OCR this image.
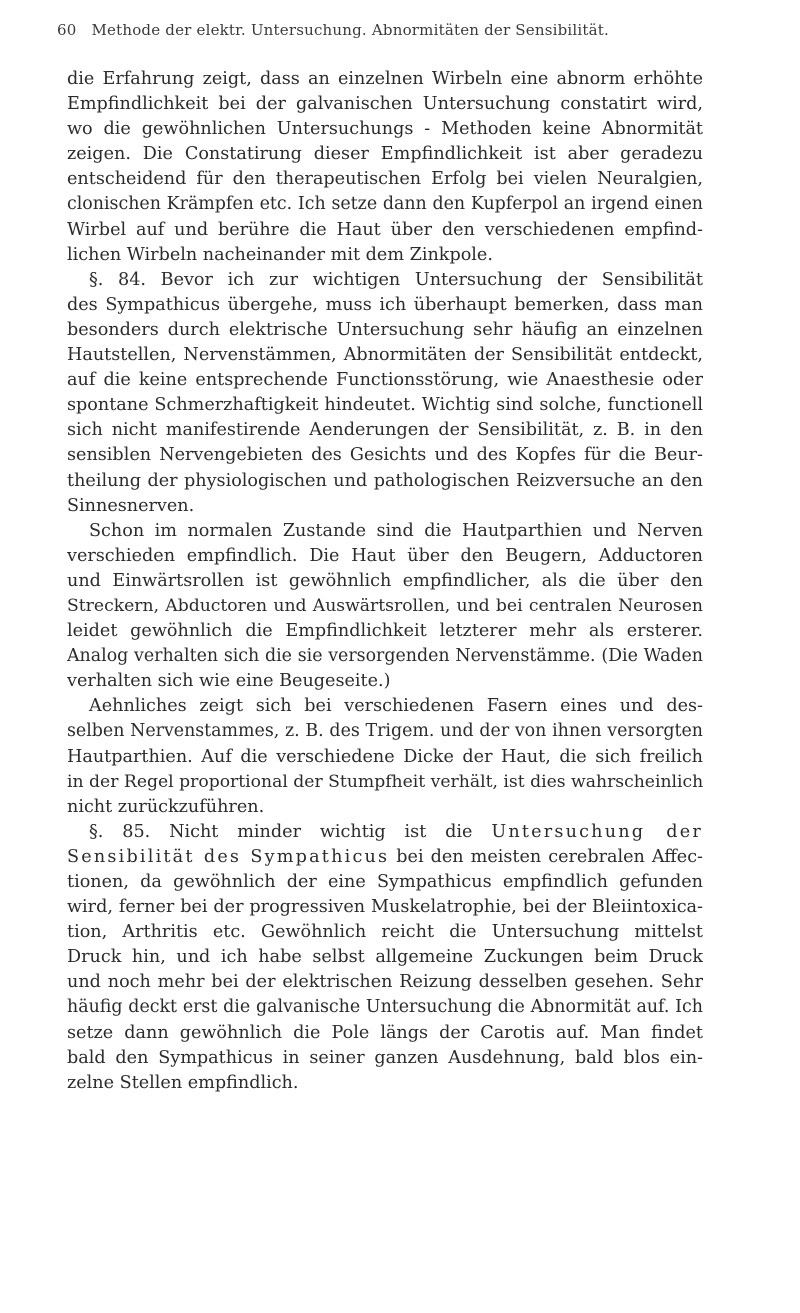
60 Methode der elektr. Untersuchung. Abnormitäten der Sensibilität.
die Erfahrung zeigt, dass an einzelnen Wirbeln eine abnorm erhöhte
Empfindlichkeit bei der galvanischen Untersuchung constatirt wird,
wo die gewöhnlichen Untersuchungs - Methoden keine Abnormität
zeigen. Die Constatirung dieser Empfindlichkeit ist aber geradezu
entscheidend für den therapeutischen Erfolg bei vielen Neuralgien,
clonischen Krämpfen etc. Ich setze dann den Kupferpol an irgend einen
Wirbel auf und berühre die Haut über den verschiedenen empfind-
lichen Wirbeln nacheinander mit dem Zinkpole.
§. 84. Bevor ich zur wichtigen Untersuchung der Sensibilität
des Sympathicus übergehe, muss ich überhaupt bemerken, dass man
besonders durch elektrische Untersuchung sehr häufig an einzelnen
Hautstellen, Nervenstämmen, Abnormitäten der Sensibilität entdeckt,
auf die keine entsprechende Functionsstörung, wie Anaesthesie oder
spontane Schmerzhaftigkeit hindeutet. Wichtig sind solche, functionell
sich nicht manifestirende Aenderungen der Sensibilität, z. B. in den
sensiblen Nervengebieten des Gesichts und des Kopfes für die Beur-
theilung der physiologischen und pathologischen Reizversuche an den
Sinnesnerven.
Schon im normalen Zustande sind die Hautparthien und Nerven
verschieden empfindlich. Die Haut über den Beugern, Adductoren
und Einwärtsrollen ist gewöhnlich empfindlicher, als die über den
Streckern, Abductoren und Auswärtsrollen, und bei centralen Neurosen
leidet gewöhnlich die Empfindlichkeit letzterer mehr als ersterer.
Analog verhalten sich die sie versorgenden Nervenstämme. (Die Waden
verhalten sich wie eine Beugeseite.)
Aehnliches zeigt sich bei verschiedenen Fasern eines und des-
selben Nervenstammes, z. B. des Trigem. und der von ihnen versorgten
Hautparthien. Auf die verschiedene Dicke der Haut, die sich freilich
in der Regel proportional der Stumpfheit verhält, ist dies wahrscheinlich
nicht zurückzuführen.
§. 85. Nicht minder wichtig ist die Untersuchung der
Sensibilität des Sympathicus bei den meisten cerebralen Affec-
tionen, da gewöhnlich der eine Sympathicus empfindlich gefunden
wird, ferner bei der progressiven Muskelatrophie, bei der Bleiintoxica-
tion, Arthritis etc. Gewöhnlich reicht die Untersuchung mittelst
Druck hin, und ich habe selbst allgemeine Zuckungen beim Druck
und noch mehr bei der elektrischen Reizung desselben gesehen. Sehr
häufig deckt erst die galvanische Untersuchung die Abnormität auf. Ich
setze dann gewöhnlich die Pole längs der Carotis auf. Man findet
bald den Sympathicus in seiner ganzen Ausdehnung, bald blos ein-
zelne Stellen empfindlich.
